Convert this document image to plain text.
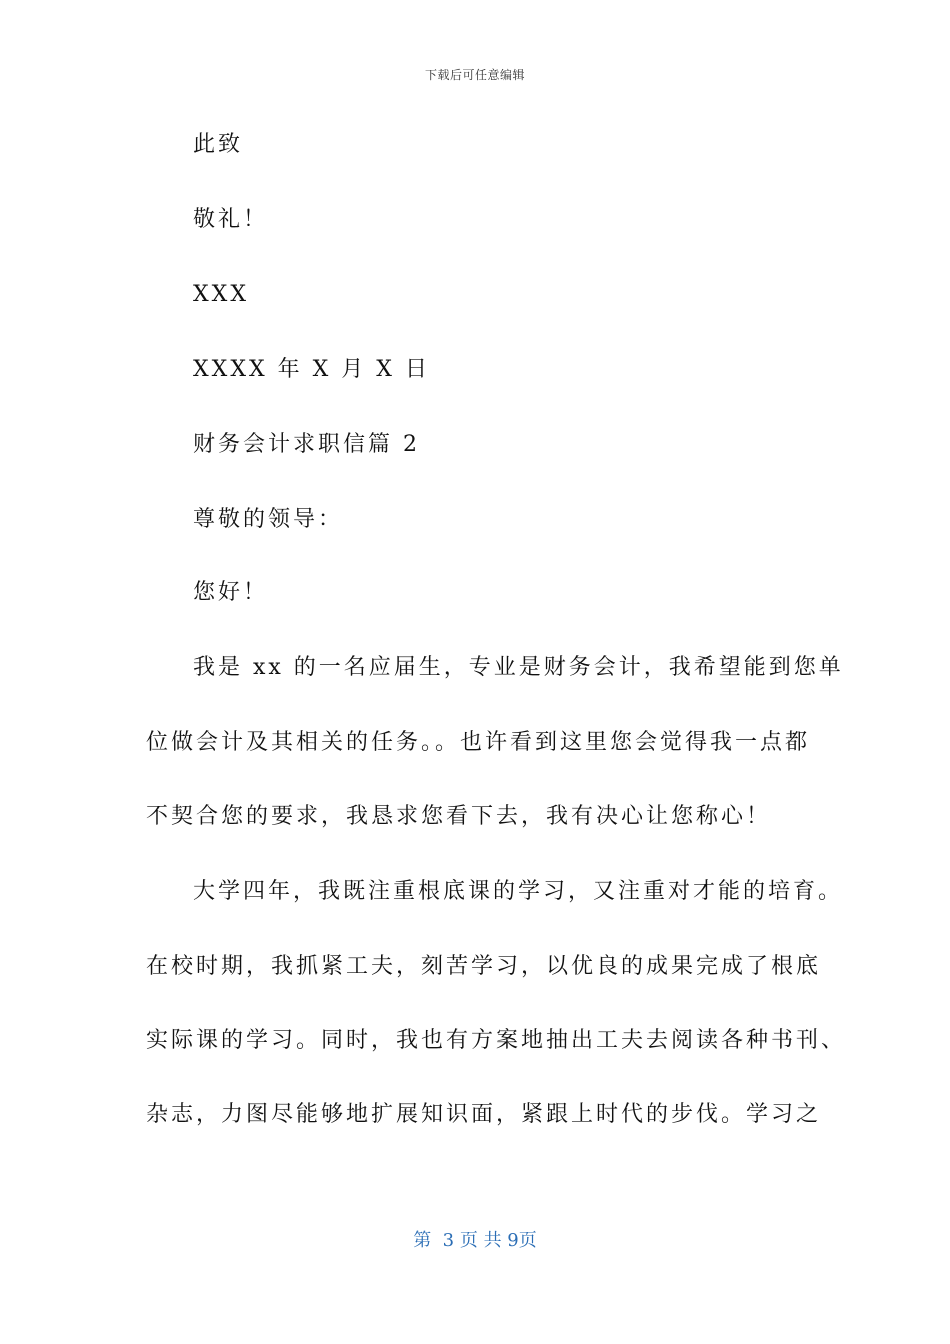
下载后可任意编辑
此致
敬礼！
XXX
XXXX 年 X 月 X 日
财务会计求职信篇 2
尊敬的领导：
您好！
我是 xx 的一名应届生，专业是财务会计，我希望能到您单
位做会计及其相关的任务。。也许看到这里您会觉得我一点都
不契合您的要求，我恳求您看下去，我有决心让您称心！
大学四年，我既注重根底课的学习，又注重对才能的培育。
在校时期，我抓紧工夫，刻苦学习，以优良的成果完成了根底
实际课的学习。同时，我也有方案地抽出工夫去阅读各种书刊、
杂志，力图尽能够地扩展知识面，紧跟上时代的步伐。学习之
第  3 页 共 9页
